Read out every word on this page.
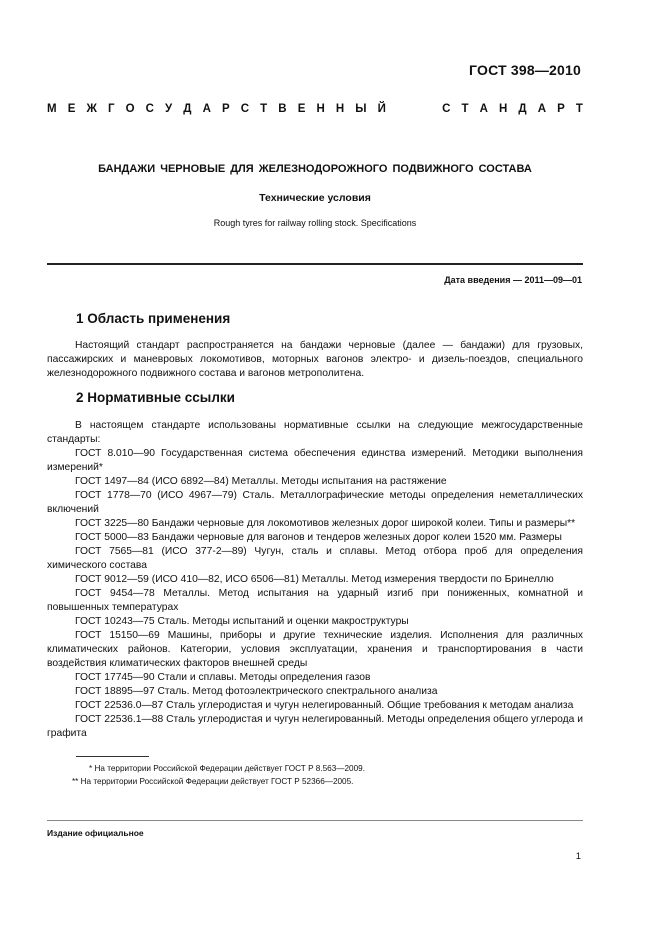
ГОСТ 398—2010
М Е Ж Г О С У Д А Р С Т В Е Н Н Ы Й	С Т А Н Д А Р Т
БАНДАЖИ ЧЕРНОВЫЕ ДЛЯ ЖЕЛЕЗНОДОРОЖНОГО ПОДВИЖНОГО СОСТАВА
Технические условия
Rough tyres for railway rolling stock. Specifications
Дата введения — 2011—09—01
1 Область применения

Настоящий стандарт распространяется на бандажи черновые (далее — бандажи) для грузовых, пассажирских и маневровых локомотивов, моторных вагонов электро- и дизель-поездов, специального железнодорожного подвижного состава и вагонов метрополитена.

2 Нормативные ссылки

В настоящем стандарте использованы нормативные ссылки на следующие межгосударственные стандарты:

ГОСТ 8.010—90 Государственная система обеспечения единства измерений. Методики выполнения измерений*

ГОСТ 1497—84 (ИСО 6892—84) Металлы. Методы испытания на растяжение

ГОСТ 1778—70 (ИСО 4967—79) Сталь. Металлографические методы определения неметаллических включений

ГОСТ 3225—80 Бандажи черновые для локомотивов железных дорог широкой колеи. Типы и размеры**

ГОСТ 5000—83 Бандажи черновые для вагонов и тендеров железных дорог колеи 1520 мм. Размеры

ГОСТ 7565—81 (ИСО 377-2—89) Чугун, сталь и сплавы. Метод отбора проб для определения химического состава

ГОСТ 9012—59 (ИСО 410—82, ИСО 6506—81) Металлы. Метод измерения твердости по Бринеллю

ГОСТ 9454—78 Металлы. Метод испытания на ударный изгиб при пониженных, комнатной и повышенных температурах

ГОСТ 10243—75 Сталь. Методы испытаний и оценки макроструктуры

ГОСТ 15150—69 Машины, приборы и другие технические изделия. Исполнения для различных климатических районов. Категории, условия эксплуатации, хранения и транспортирования в части воздействия климатических факторов внешней среды

ГОСТ 17745—90 Стали и сплавы. Методы определения газов

ГОСТ 18895—97 Сталь. Метод фотоэлектрического спектрального анализа

ГОСТ 22536.0—87 Сталь углеродистая и чугун нелегированный. Общие требования к методам анализа

ГОСТ 22536.1—88 Сталь углеродистая и чугун нелегированный. Методы определения общего углерода и графита

* На территории Российской Федерации действует ГОСТ Р 8.563—2009.
** На территории Российской Федерации действует ГОСТ Р 52366—2005.
Издание официальное
1
